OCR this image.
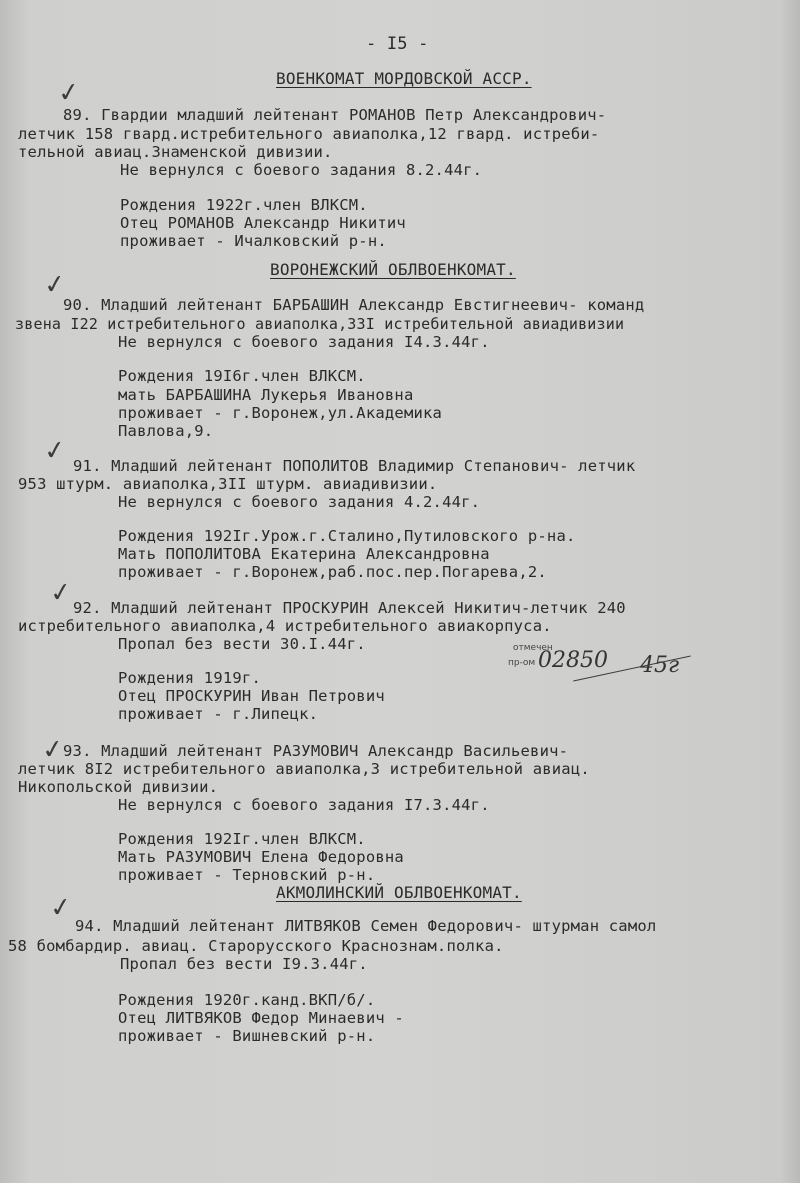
- I5 -
ВОЕНКОМАТ МОРДОВСКОЙ АССР.
✓
89. Гвардии младший лейтенант РОМАНОВ Петр Александрович-
летчик 158 гвард.истребительного авиаполка,12 гвард. истреби-
тельной авиац.Знаменской дивизии.
Не вернулся с боевого задания 8.2.44г.
Рождения 1922г.член ВЛКСМ.
Отец РОМАНОВ Александр Никитич
проживает - Ичалковский р-н.
ВОРОНЕЖСКИЙ ОБЛВОЕНКОМАТ.
✓
90. Младший лейтенант БАРБАШИН Александр Евстигнеевич- команд
звена I22 истребительного авиаполка,33I истребительной авиадивизии
Не вернулся с боевого задания I4.3.44г.
Рождения 19I6г.член ВЛКСМ.
мать БАРБАШИНА Лукерья Ивановна
проживает - г.Воронеж,ул.Академика
Павлова,9.
✓ 91. Младший лейтенант ПОПОЛИТОВ Владимир Степанович- летчик
953 штурм. авиаполка,3II штурм. авиадивизии.
Не вернулся с боевого задания 4.2.44г.
Рождения 192Iг.Урож.г.Сталино,Путиловского р-на.
Мать ПОПОЛИТОВА Екатерина Александровна
проживает - г.Воронеж,раб.пос.пер.Погарева,2.
✓ 92. Младший лейтенант ПРОСКУРИН Алексей Никитич-летчик 240
истребительного авиаполка,4 истребительного авиакорпуса.
Пропал без вести 30.I.44г.
Рождения 1919г.
Отец ПРОСКУРИН Иван Петрович
проживает - г.Липецк.
отмечен
пр-ом 02850 45г
✓
93. Младший лейтенант РАЗУМОВИЧ Александр Васильевич-
летчик 8I2 истребительного авиаполка,3 истребительной авиац.
Никопольской дивизии.
Не вернулся с боевого задания I7.3.44г.
Рождения 192Iг.член ВЛКСМ.
Мать РАЗУМОВИЧ Елена Федоровна
проживает - Терновский р-н.
АКМОЛИНСКИЙ ОБЛВОЕНКОМАТ.
✓
94. Младший лейтенант ЛИТВЯКОВ Семен Федорович- штурман самол
58 бомбардир. авиац. Старорусского Краснознам.полка.
Пропал без вести I9.3.44г.
Рождения 1920г.канд.ВКП/б/.
Отец ЛИТВЯКОВ Федор Минаевич -
проживает - Вишневский р-н.
